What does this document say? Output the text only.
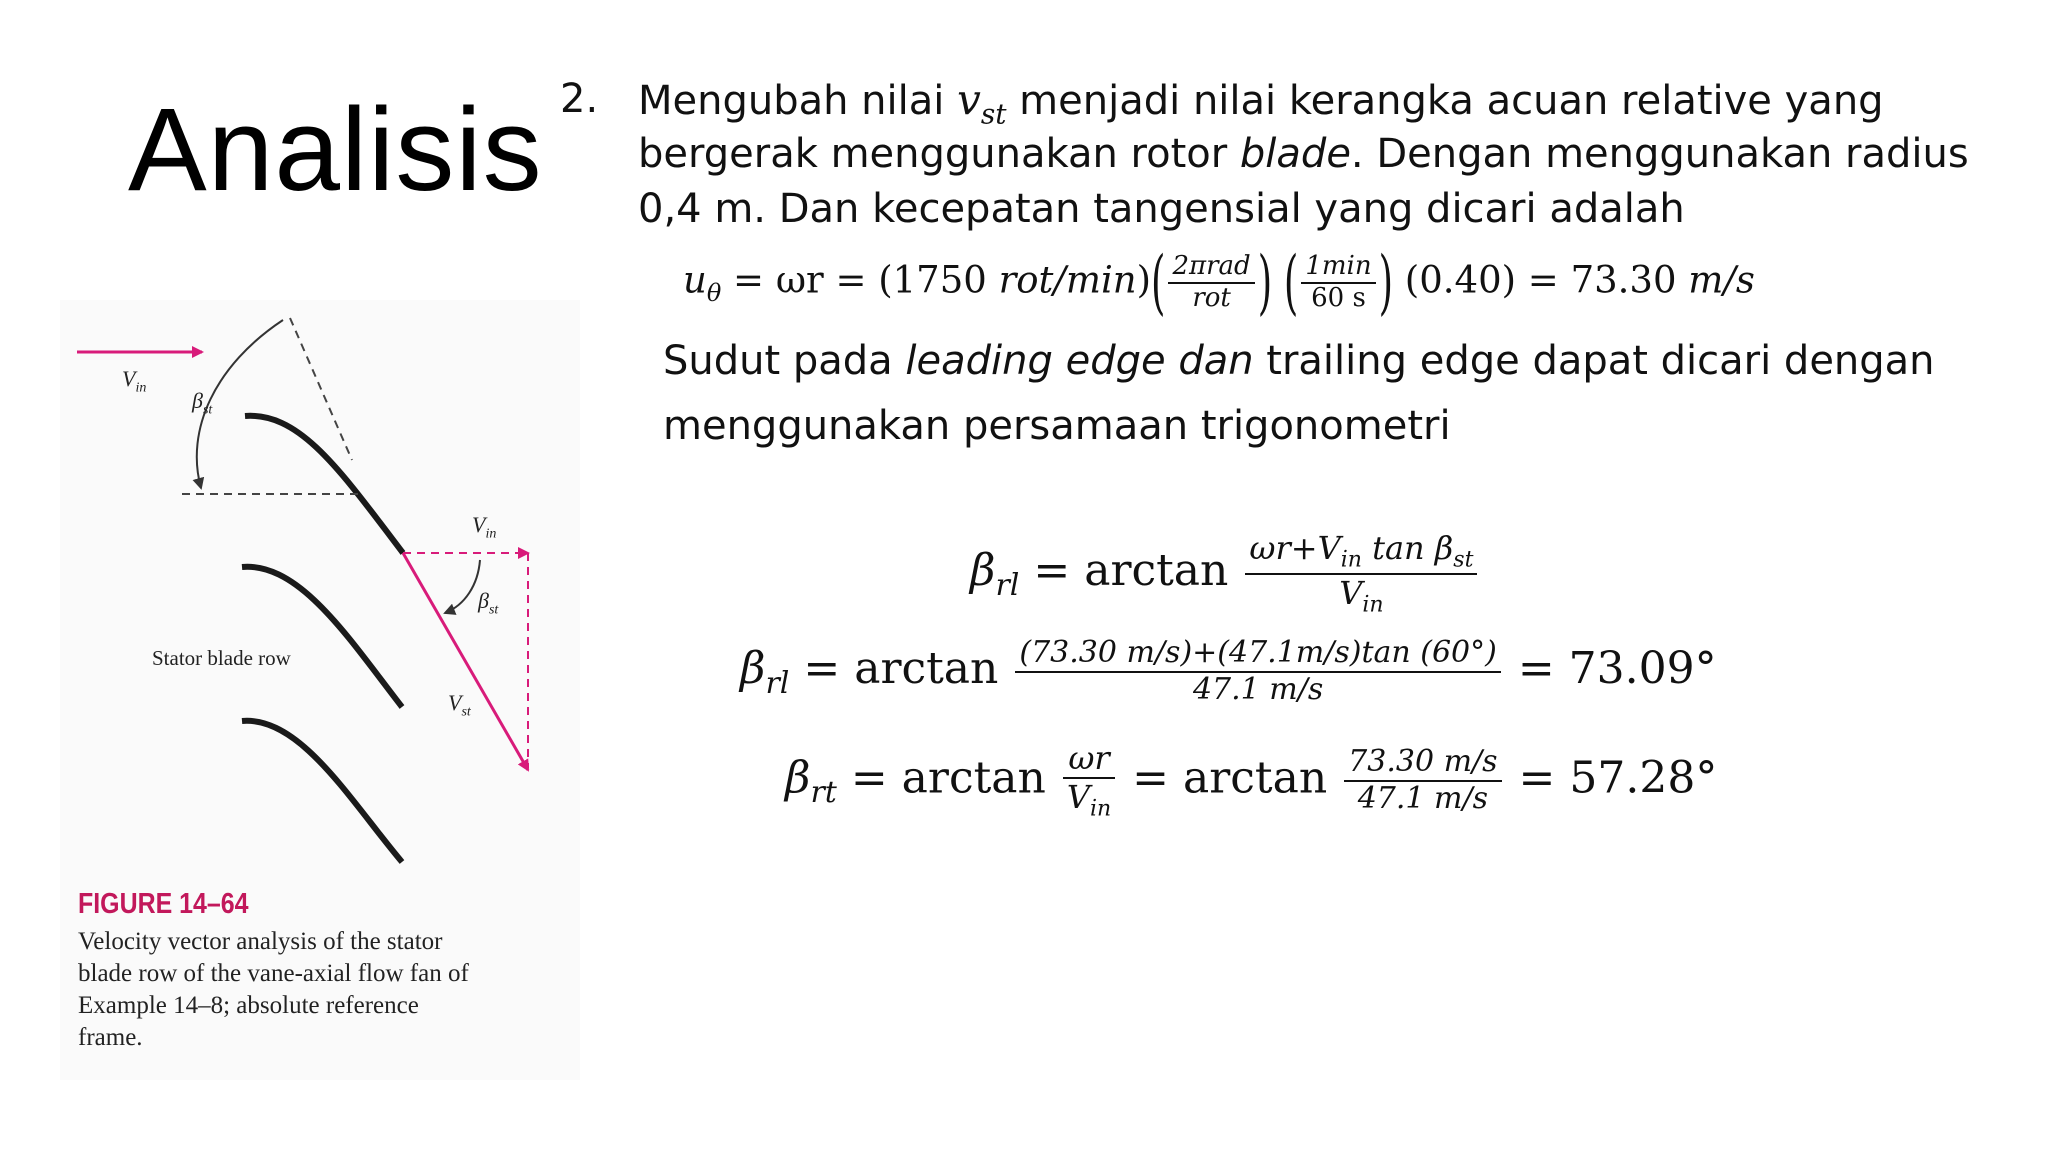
Analisis 2. Mengubah nilai $v_{st}$ menjadi nilai kerangka acuan relative yang
bergerak menggunakan rotor blade. Dengan menggunakan radius
0,4 m. Dan kecepatan tangensial yang dicari adalah
$u_\theta = \omega r = (1750$ $rot/\min)( \frac{\text{2πrad}}{\text{rot}}$ ) ( $\frac{1\min}{60 s}$ ) (0.40) = 73.30 m/s
Sudut pada leading edge dan trailing edge dapat dicari dengan
menggunakan persamaan trigonometri
$\beta_{rl} = \arctan \frac{\omega r+V_{in} \tan \beta_{st}}{V_{in}}$
$\beta_{rl} = \arctan \frac{(73.30 m/s)+(47.1m/s)\tan (60^\circ)}{47.1 m/s} = 73.09^\circ$
$\beta_{rt} = \arctan \frac{\omega r}{V_{in}} = \arctan \frac{73.30 m/s}{47.1 m/s} = 57.28^\circ$
$V_{in}$
$\beta_{st}$
$V_{in}$
$\beta_{st}$
$V_{st}$
Stator blade row
FIGURE 14–64
Velocity vector analysis of the stator
blade row of the vane-axial flow fan of
Example 14–8; absolute reference
frame.
